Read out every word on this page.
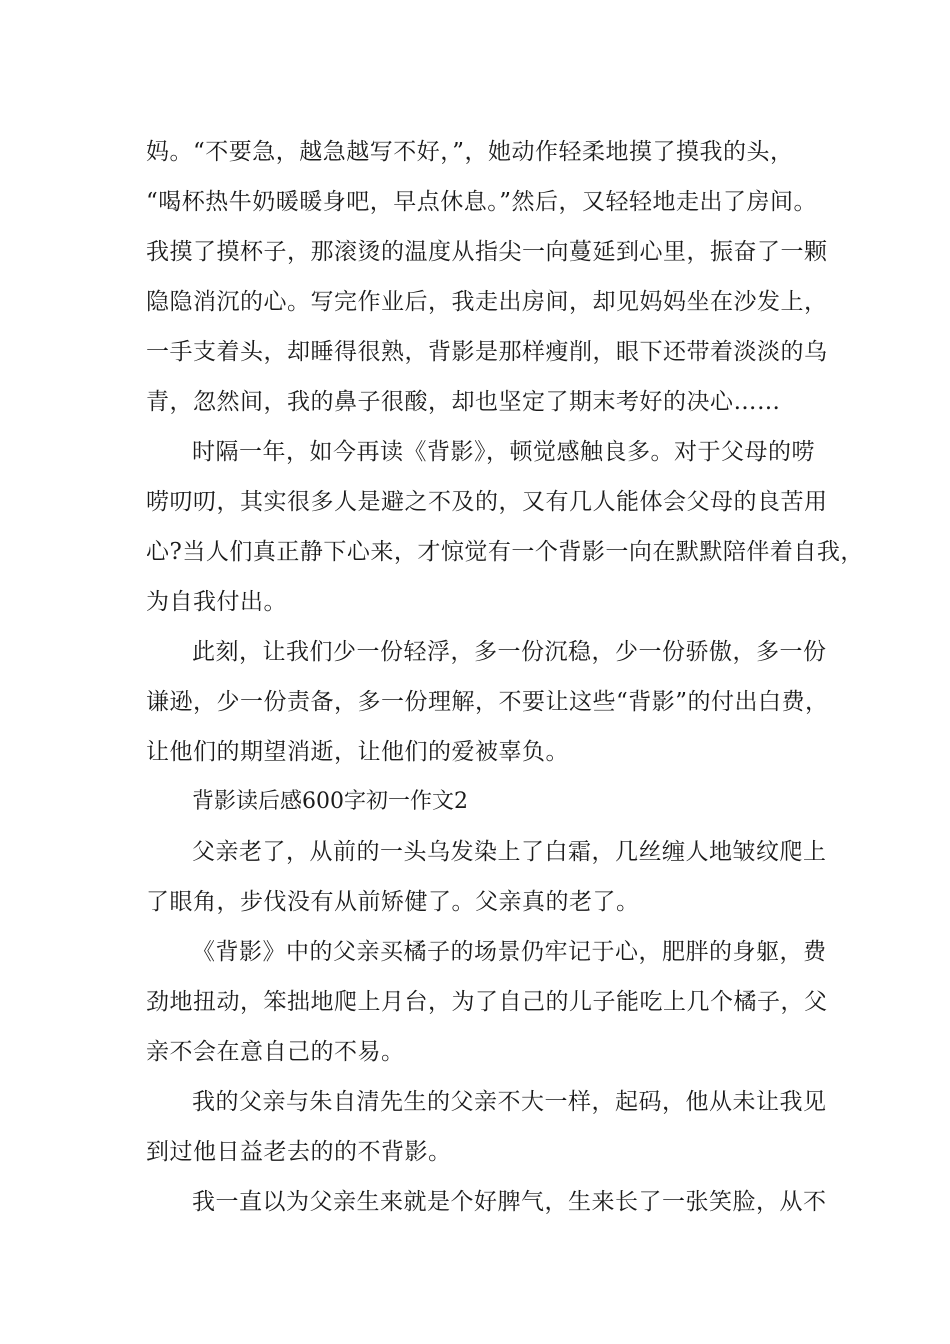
妈。“不要急，越急越写不好，”，她动作轻柔地摸了摸我的头，
“喝杯热牛奶暖暖身吧，早点休息。”然后，又轻轻地走出了房间。
我摸了摸杯子，那滚烫的温度从指尖一向蔓延到心里，振奋了一颗
隐隐消沉的心。写完作业后，我走出房间，却见妈妈坐在沙发上，
一手支着头，却睡得很熟，背影是那样瘦削，眼下还带着淡淡的乌
青，忽然间，我的鼻子很酸，却也坚定了期末考好的决心……
时隔一年，如今再读《背影》，顿觉感触良多。对于父母的唠
唠叨叨，其实很多人是避之不及的，又有几人能体会父母的良苦用
心?当人们真正静下心来，才惊觉有一个背影一向在默默陪伴着自我，
为自我付出。
此刻，让我们少一份轻浮，多一份沉稳，少一份骄傲，多一份
谦逊，少一份责备，多一份理解，不要让这些“背影”的付出白费，
让他们的期望消逝，让他们的爱被辜负。
背影读后感600字初一作文2
父亲老了，从前的一头乌发染上了白霜，几丝缠人地皱纹爬上
了眼角，步伐没有从前矫健了。父亲真的老了。
《背影》中的父亲买橘子的场景仍牢记于心，肥胖的身躯，费
劲地扭动，笨拙地爬上月台，为了自己的儿子能吃上几个橘子，父
亲不会在意自己的不易。
我的父亲与朱自清先生的父亲不大一样，起码，他从未让我见
到过他日益老去的的不背影。
我一直以为父亲生来就是个好脾气，生来长了一张笑脸，从不
